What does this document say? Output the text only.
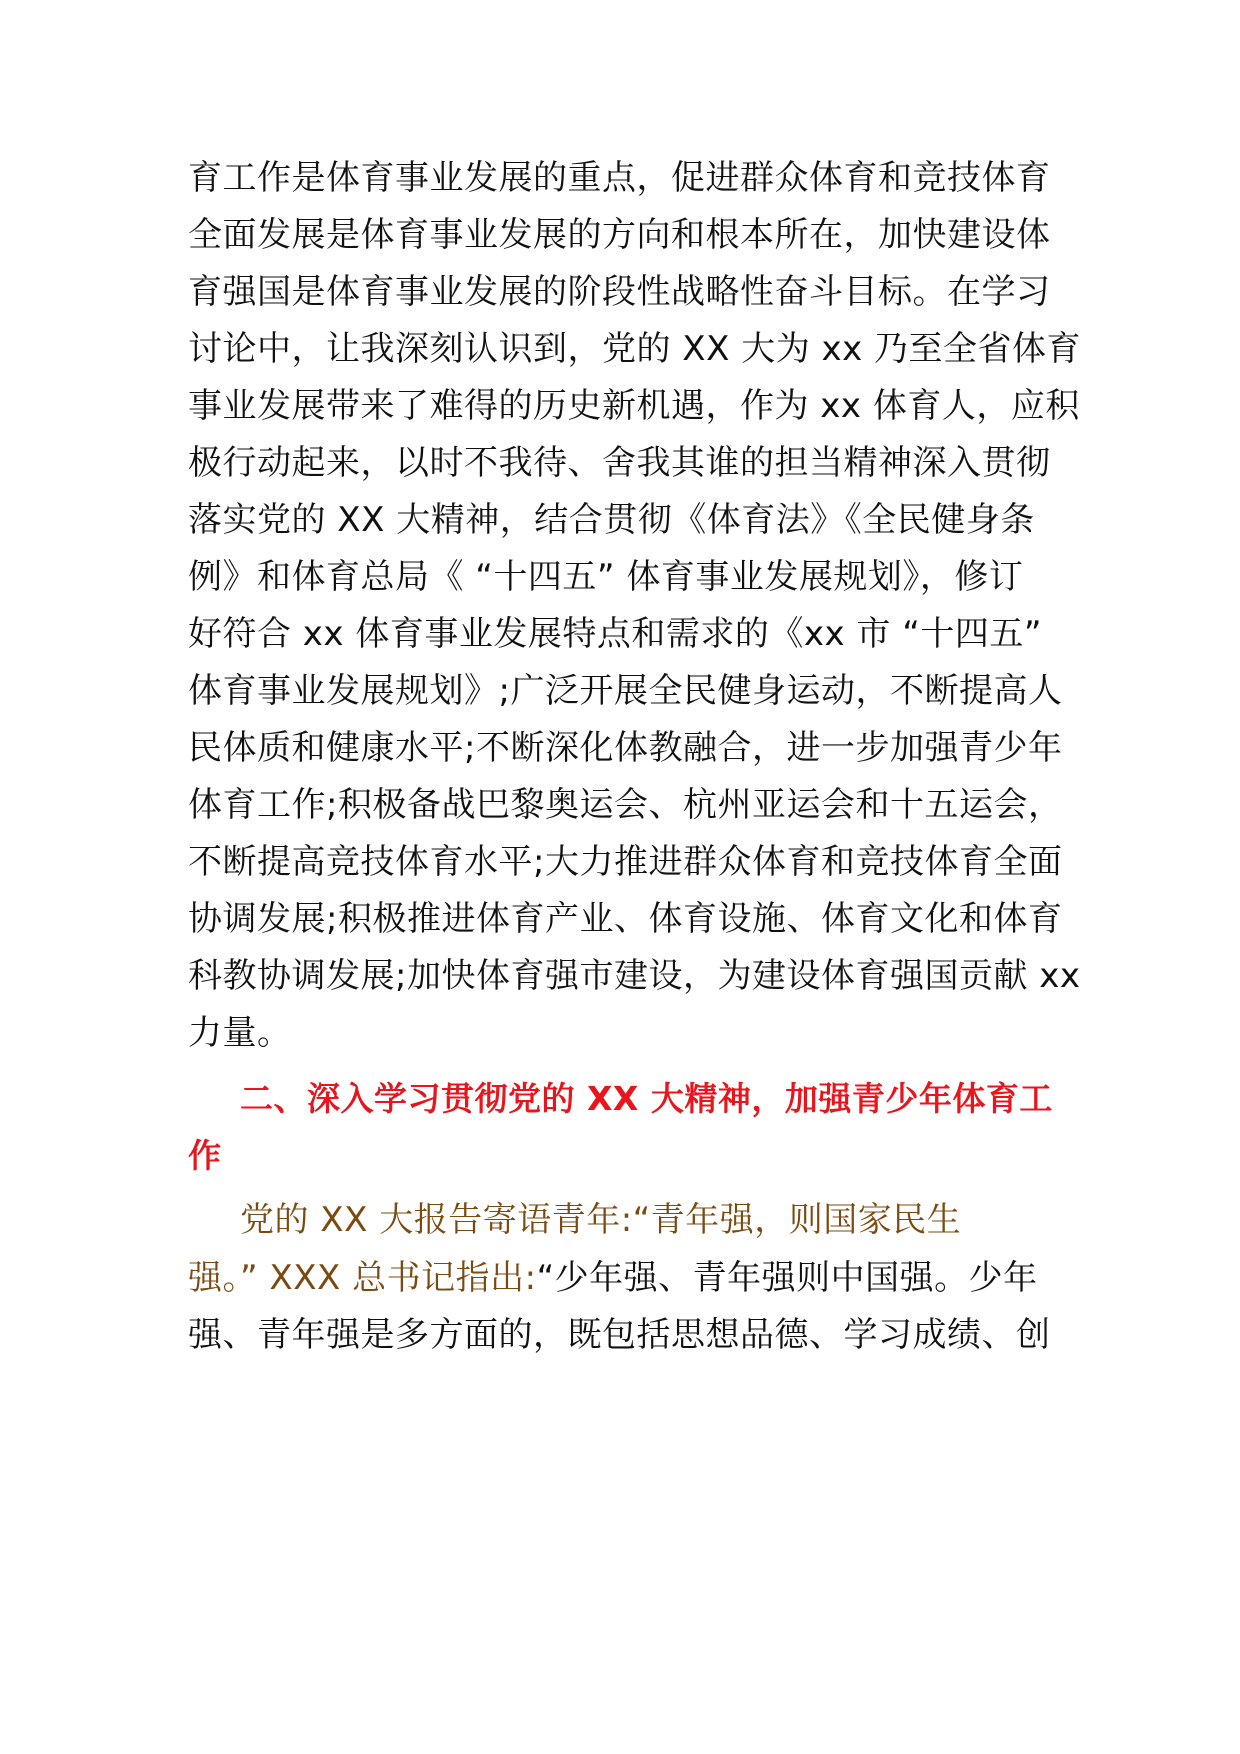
育工作是体育事业发展的重点，促进群众体育和竞技体育
全面发展是体育事业发展的方向和根本所在，加快建设体
育强国是体育事业发展的阶段性战略性奋斗目标。在学习
讨论中，让我深刻认识到，党的 XX 大为 xx 乃至全省体育
事业发展带来了难得的历史新机遇，作为 xx 体育人，应积
极行动起来，以时不我待、舍我其谁的担当精神深入贯彻
落实党的 XX 大精神，结合贯彻《体育法》《全民健身条
例》和体育总局《 “十四五” 体育事业发展规划》，修订
好符合 xx 体育事业发展特点和需求的《xx 市 “十四五”
体育事业发展规划》;广泛开展全民健身运动，不断提高人
民体质和健康水平;不断深化体教融合，进一步加强青少年
体育工作;积极备战巴黎奥运会、杭州亚运会和十五运会，
不断提高竞技体育水平;大力推进群众体育和竞技体育全面
协调发展;积极推进体育产业、体育设施、体育文化和体育
科教协调发展;加快体育强市建设，为建设体育强国贡献 xx
力量。
二、深入学习贯彻党的 XX 大精神，加强青少年体育工
作
党的 XX 大报告寄语青年:“青年强，则国家民生
强。” XXX 总书记指出:“少年强、青年强则中国强。少年
强、青年强是多方面的，既包括思想品德、学习成绩、创
